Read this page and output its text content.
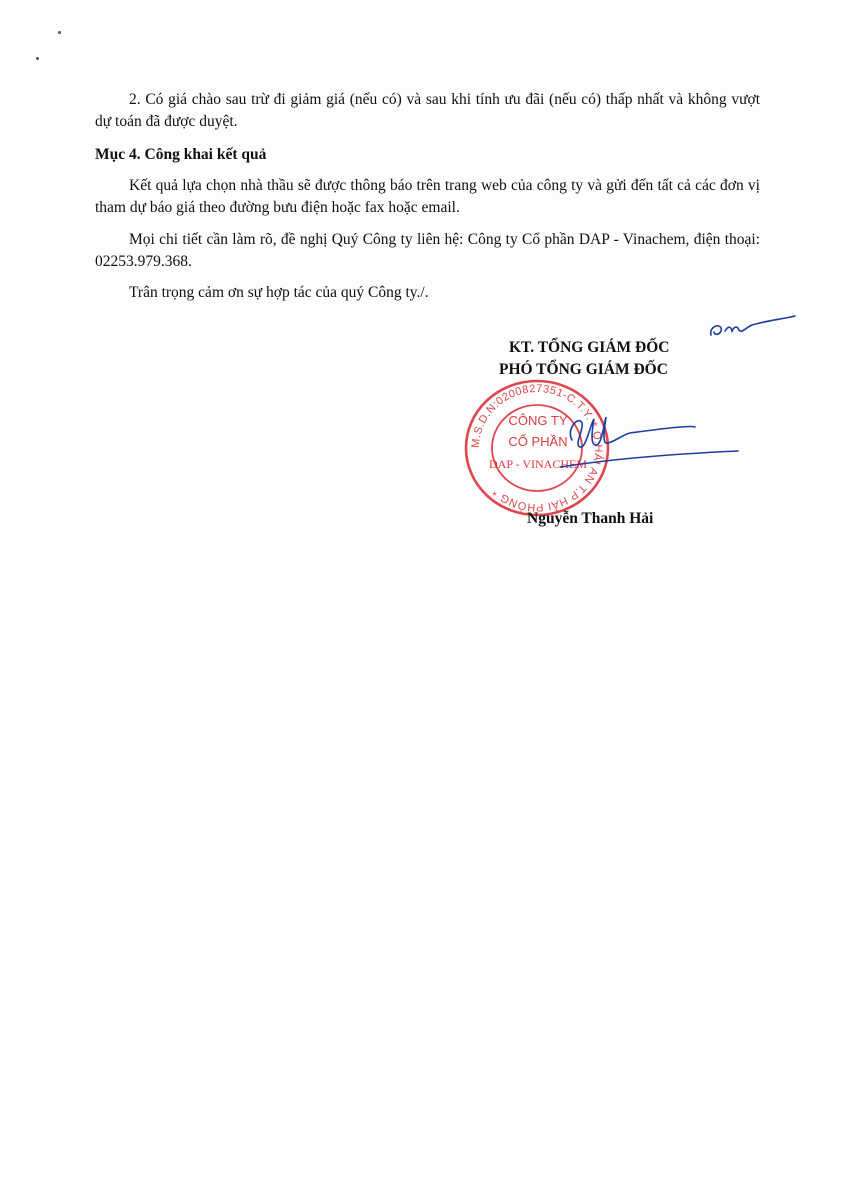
2. Có giá chào sau trừ đi giảm giá (nếu có) và sau khi tính ưu đãi (nếu có) thấp nhất và không vượt dự toán đã được duyệt.

Mục 4. Công khai kết quả

Kết quả lựa chọn nhà thầu sẽ được thông báo trên trang web của công ty và gửi đến tất cả các đơn vị tham dự báo giá theo đường bưu điện hoặc fax hoặc email.

Mọi chi tiết cần làm rõ, đề nghị Quý Công ty liên hệ: Công ty Cổ phần DAP - Vinachem, điện thoại: 02253.979.368.

Trân trọng cảm ơn sự hợp tác của quý Công ty./.

KT. TỔNG GIÁM ĐỐC
PHÓ TỔNG GIÁM ĐỐC
M.S.D.N:0200827351-C.T.Y. * Q.HẢI AN T.P HẢI PHÒNG *
CÔNG TY
CỔ PHẦN
DAP - VINACHEM
Nguyễn Thanh Hải
